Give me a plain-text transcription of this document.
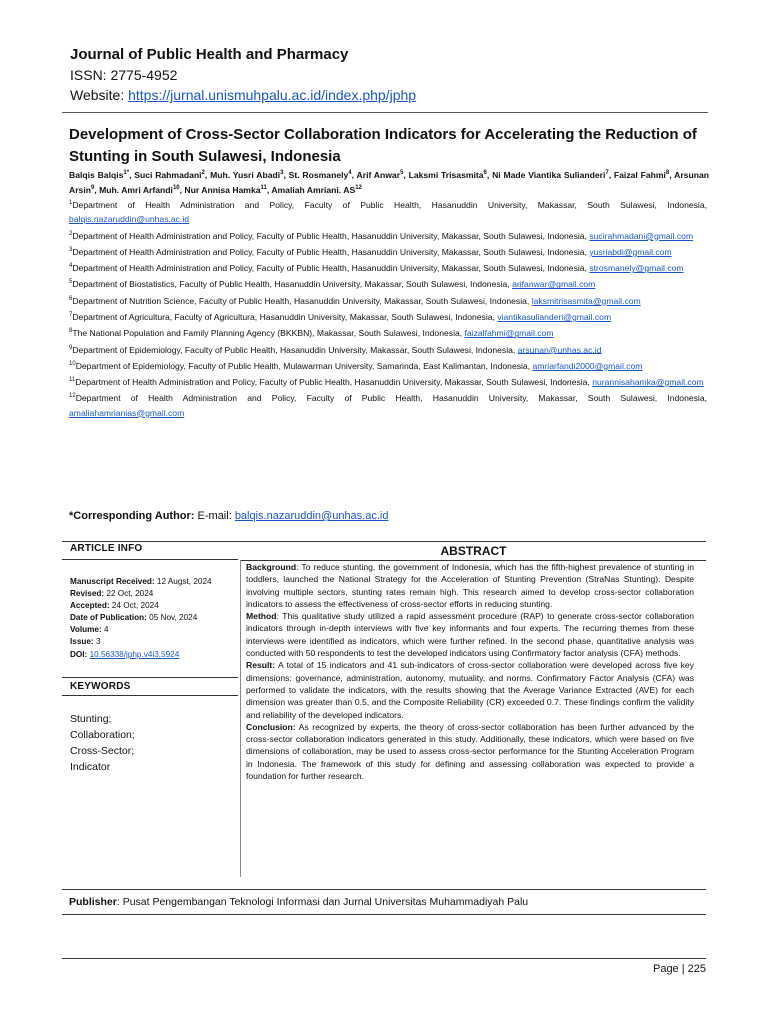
Journal of Public Health and Pharmacy
ISSN: 2775-4952
Website: https://jurnal.unismuhpalu.ac.id/index.php/jphp
Development of Cross-Sector Collaboration Indicators for Accelerating the Reduction of Stunting in South Sulawesi, Indonesia
Balqis Balqis$^{1*}$, Suci Rahmadani$^2$, Muh. Yusri Abadi$^3$, St. Rosmanely$^4$, Arif Anwar$^5$, Laksmi Trisasmita$^6$, Ni Made Viantika Sulianderi$^7$, Faizal Fahmi$^8$, Arsunan Arsin$^9$, Muh. Amri Arfandi$^{10}$, Nur Annisa Hamka$^{11}$, Amaliah Amriani. AS$^{12}$
$^1$Department of Health Administration and Policy, Faculty of Public Health, Hasanuddin University, Makassar, South Sulawesi, Indonesia, balqis.nazaruddin@unhas.ac.id
$^2$Department of Health Administration and Policy, Faculty of Public Health, Hasanuddin University, Makassar, South Sulawesi, Indonesia, sucirahmadani@gmail.com
$^3$Department of Health Administration and Policy, Faculty of Public Health, Hasanuddin University, Makassar, South Sulawesi, Indonesia, yusriabdi@gmail.com
$^4$Department of Health Administration and Policy, Faculty of Public Health, Hasanuddin University, Makassar, South Sulawesi, Indonesia, strosmanely@gmail.com
$^5$Department of Biostatistics, Faculty of Public Health, Hasanuddin University, Makassar, South Sulawesi, Indonesia, arifanwar@gmail.com
$^6$Department of Nutrition Science, Faculty of Public Health, Hasanuddin University, Makassar, South Sulawesi, Indonesia, laksmitrisasmita@gmail.com
$^7$Department of Agricultura, Faculty of Agricultura, Hasanuddin University, Makassar, South Sulawesi, Indonesia, viantikasulianderi@gmail.com
$^8$The National Population and Family Planning Agency (BKKBN), Makassar, South Sulawesi, Indonesia, faizalfahmi@gmail.com
$^9$Department of Epidemiology, Faculty of Public Health, Hasanuddin University, Makassar, South Sulawesi, Indonesia, arsunan@unhas.ac.id
$^{10}$Department of Epidemiology, Faculty of Public Health, Mulawarman University, Samarinda, East Kalimantan, Indonesia, amriarfandi2000@gmail.com
$^{11}$Department of Health Administration and Policy, Faculty of Public Health, Hasanuddin University, Makassar, South Sulawesi, Indonesia, nurannisahamka@gmail.com
$^{12}$Department of Health Administration and Policy, Faculty of Public Health, Hasanuddin University, Makassar, South Sulawesi, Indonesia, amaliahamrianias@gmail.com
*Corresponding Author: E-mail: balqis.nazaruddin@unhas.ac.id
ARTICLE INFO
Manuscript Received: 12 Augst, 2024
Revised: 22 Oct, 2024
Accepted: 24 Oct, 2024
Date of Publication: 05 Nov, 2024
Volume: 4
Issue: 3
DOI: 10.56338/jphp.v4i3.5924
KEYWORDS
Stunting;
Collaboration;
Cross-Sector;
Indicator
ABSTRACT

Background: To reduce stunting, the government of Indonesia, which has the fifth-highest prevalence of stunting in toddlers, launched the National Strategy for the Acceleration of Stunting Prevention (StraNas Stunting). Despite involving multiple sectors, stunting rates remain high. This research aimed to develop cross-sector collaboration indicators to assess the effectiveness of cross-sector efforts in reducing stunting.

Method: This qualitative study utilized a rapid assessment procedure (RAP) to generate cross-sector collaboration indicators through in-depth interviews with five key informants and four experts. The recurring themes from these interviews were identified as indicators, which were further refined. In the second phase, quantitative analysis was conducted with 50 respondents to test the developed indicators using Confirmatory factor analysis (CFA) methods.

Result: A total of 15 indicators and 41 sub-indicators of cross-sector collaboration were developed across five key dimensions: governance, administration, autonomy, mutuality, and norms. Confirmatory Factor Analysis (CFA) was performed to validate the indicators, with the results showing that the Average Variance Extracted (AVE) for each dimension was greater than 0.5, and the Composite Reliability (CR) exceeded 0.7. These findings confirm the validity and reliability of the developed indicators.

Conclusion: As recognized by experts, the theory of cross-sector collaboration has been further advanced by the cross-sector collaboration indicators generated in this study. Additionally, these indicators, which were based on five dimensions of collaboration, may be used to assess cross-sector performance for the Stunting Acceleration Program in Indonesia. The framework of this study for defining and assessing collaboration was expected to provide a foundation for further research.

Publisher: Pusat Pengembangan Teknologi Informasi dan Jurnal Universitas Muhammadiyah Palu
Page | 225
